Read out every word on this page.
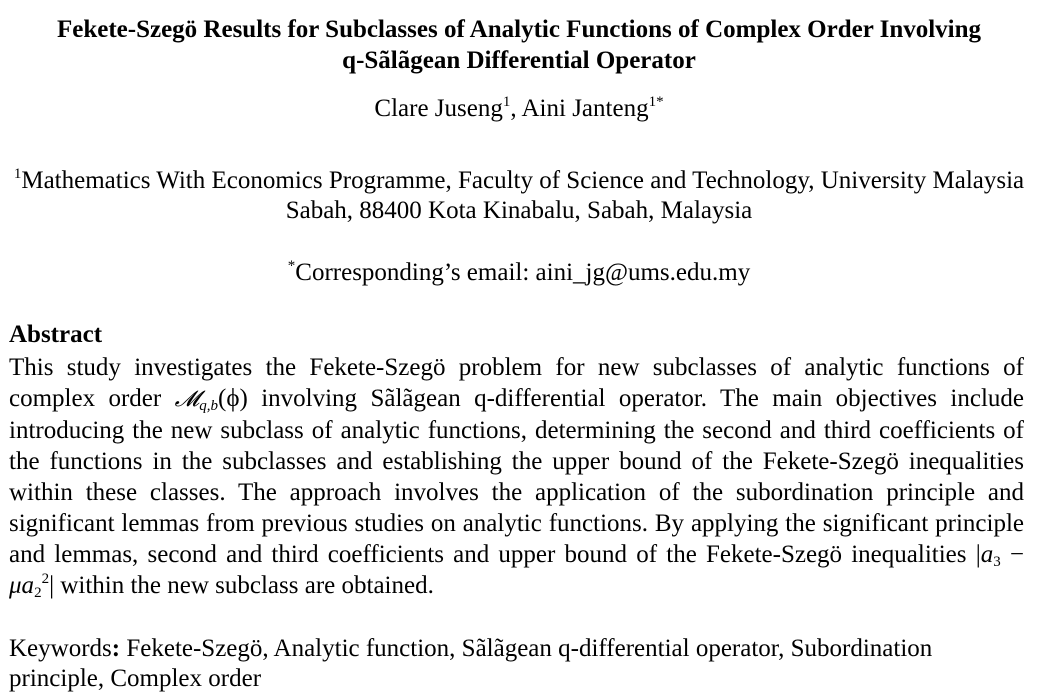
Fekete-Szegö Results for Subclasses of Analytic Functions of Complex Order Involving
q-Sãlãgean Differential Operator
Clare Juseng$^1$, Aini Janteng$^{1*}$
$^1$Mathematics With Economics Programme, Faculty of Science and Technology, University Malaysia Sabah, 88400 Kota Kinabalu, Sabah, Malaysia
*Corresponding’s email: aini_jg@ums.edu.my
Abstract

This study investigates the Fekete-Szegö problem for new subclasses of analytic functions of complex order 𝓜q,b(ϕ) involving Sãlãgean q-differential operator. The main objectives include introducing the new subclass of analytic functions, determining the second and third coefficients of the functions in the subclasses and establishing the upper bound of the Fekete-Szegö inequalities within these classes. The approach involves the application of the subordination principle and significant lemmas from previous studies on analytic functions. By applying the significant principle and lemmas, second and third coefficients and upper bound of the Fekete-Szegö inequalities $|a3 - \mu a2^2|$ within the new subclass are obtained.

Keywords: Fekete-Szegö, Analytic function, Sãlãgean q-differential operator, Subordination principle, Complex order
